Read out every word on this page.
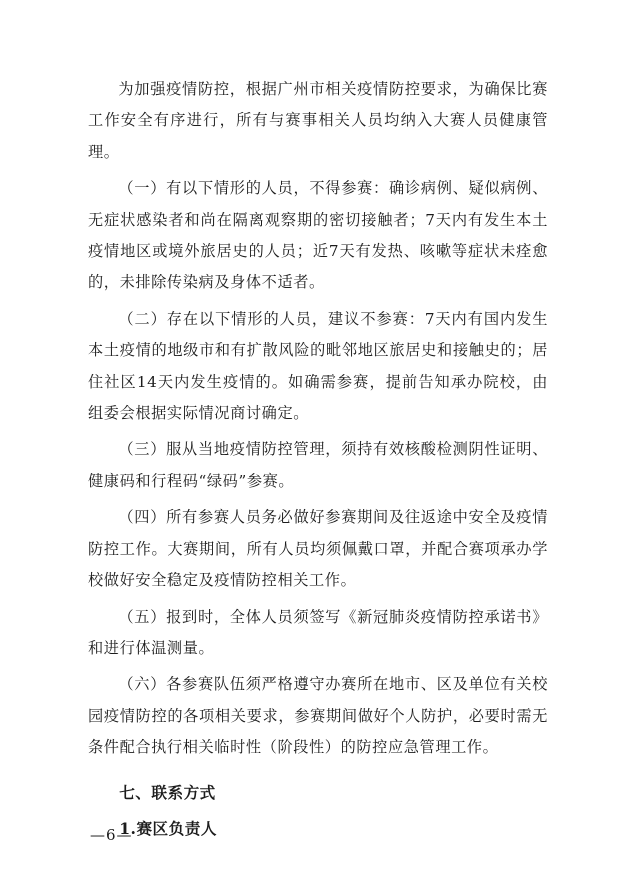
为加强疫情防控，根据广州市相关疫情防控要求，为确保比赛工作安全有序进行，所有与赛事相关人员均纳入大赛人员健康管理。

（一）有以下情形的人员，不得参赛：确诊病例、疑似病例、无症状感染者和尚在隔离观察期的密切接触者；7天内有发生本土疫情地区或境外旅居史的人员；近7天有发热、咳嗽等症状未痊愈的，未排除传染病及身体不适者。

（二）存在以下情形的人员，建议不参赛：7天内有国内发生本土疫情的地级市和有扩散风险的毗邻地区旅居史和接触史的；居住社区14天内发生疫情的。如确需参赛，提前告知承办院校，由组委会根据实际情况商讨确定。

（三）服从当地疫情防控管理，须持有效核酸检测阴性证明、健康码和行程码“绿码”参赛。

（四）所有参赛人员务必做好参赛期间及往返途中安全及疫情防控工作。大赛期间，所有人员均须佩戴口罩，并配合赛项承办学校做好安全稳定及疫情防控相关工作。

（五）报到时，全体人员须签写《新冠肺炎疫情防控承诺书》和进行体温测量。

（六）各参赛队伍须严格遵守办赛所在地市、区及单位有关校园疫情防控的各项相关要求，参赛期间做好个人防护，必要时需无条件配合执行相关临时性（阶段性）的防控应急管理工作。

七、联系方式
1.赛区负责人
—6—
